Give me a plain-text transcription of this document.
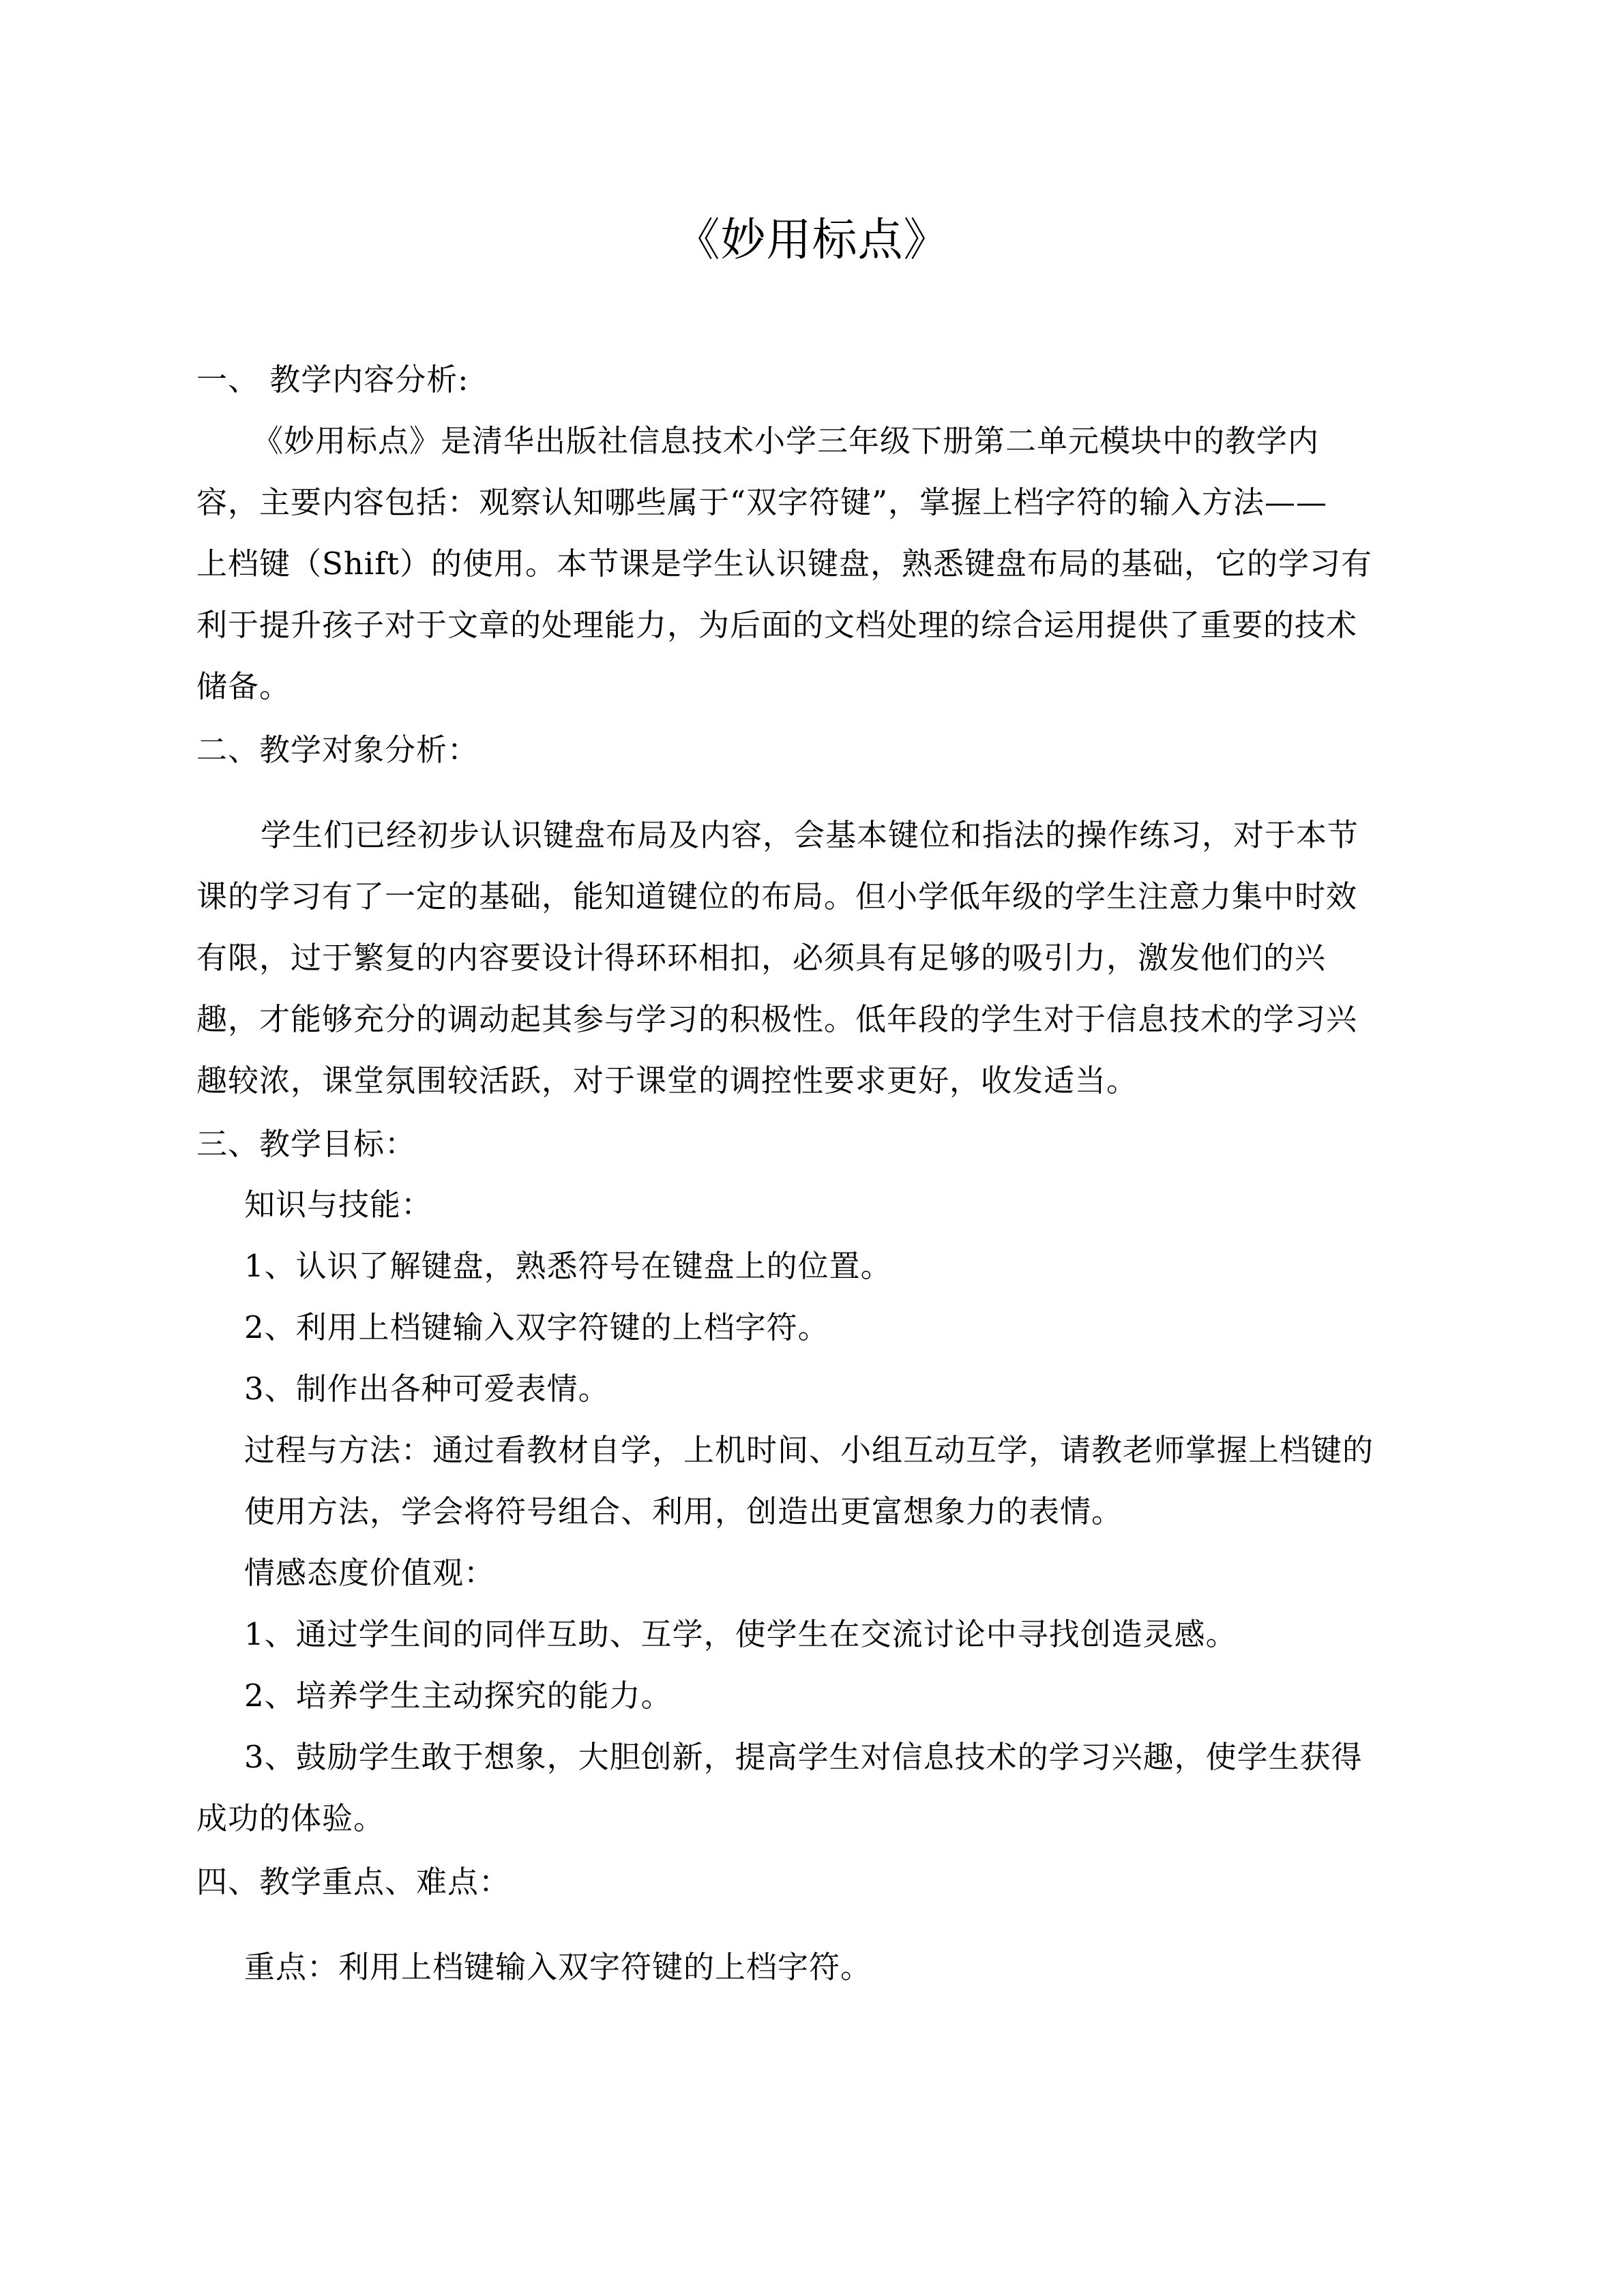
《妙用标点》
一、 教学内容分析:
《妙用标点》是清华出版社信息技术小学三年级下册第二单元模块中的教学内
容，主要内容包括：观察认知哪些属于“双字符键”，掌握上档字符的输入方法——
上档键（Shift）的使用。本节课是学生认识键盘，熟悉键盘布局的基础，它的学习有
利于提升孩子对于文章的处理能力，为后面的文档处理的综合运用提供了重要的技术
储备。
二、教学对象分析：
学生们已经初步认识键盘布局及内容，会基本键位和指法的操作练习，对于本节
课的学习有了一定的基础，能知道键位的布局。但小学低年级的学生注意力集中时效
有限，过于繁复的内容要设计得环环相扣，必须具有足够的吸引力，激发他们的兴
趣，才能够充分的调动起其参与学习的积极性。低年段的学生对于信息技术的学习兴
趣较浓，课堂氛围较活跃，对于课堂的调控性要求更好，收发适当。
三、教学目标：
知识与技能：
1、认识了解键盘，熟悉符号在键盘上的位置。
2、利用上档键输入双字符键的上档字符。
3、制作出各种可爱表情。
过程与方法：通过看教材自学，上机时间、小组互动互学，请教老师掌握上档键的
使用方法，学会将符号组合、利用，创造出更富想象力的表情。
情感态度价值观：
1、通过学生间的同伴互助、互学，使学生在交流讨论中寻找创造灵感。
2、培养学生主动探究的能力。
3、鼓励学生敢于想象，大胆创新，提高学生对信息技术的学习兴趣，使学生获得
成功的体验。
四、教学重点、难点：
重点：利用上档键输入双字符键的上档字符。
